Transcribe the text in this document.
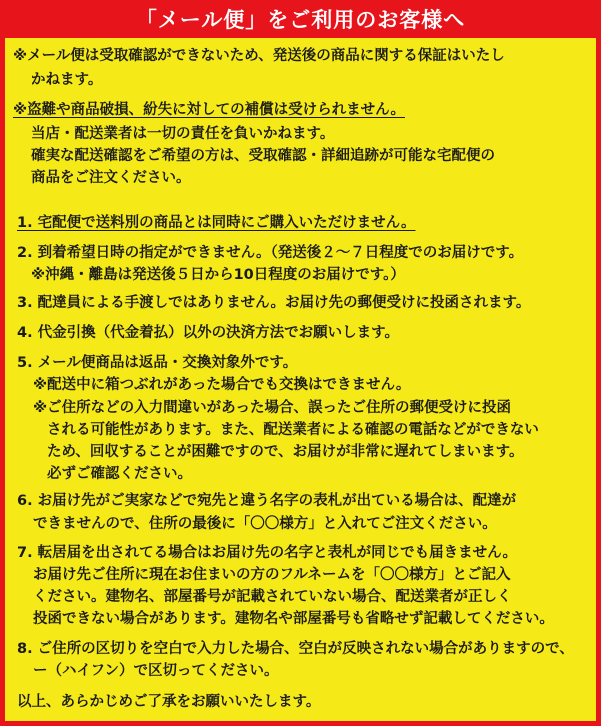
「メール便」をご利用のお客様へ
※メール便は受取確認ができないため、発送後の商品に関する保証はいたし
かねます。
※盗難や商品破損、紛失に対しての補償は受けられません。
当店・配送業者は一切の責任を負いかねます。
確実な配送確認をご希望の方は、受取確認・詳細追跡が可能な宅配便の
商品をご注文ください。
1. 宅配便で送料別の商品とは同時にご購入いただけません。
2. 到着希望日時の指定ができません。（発送後２～７日程度でのお届けです。
※沖縄・離島は発送後５日から10日程度のお届けです。）
3. 配達員による手渡しではありません。お届け先の郵便受けに投函されます。
4. 代金引換（代金着払）以外の決済方法でお願いします。
5. メール便商品は返品・交換対象外です。
※配送中に箱つぶれがあった場合でも交換はできません。
※ご住所などの入力間違いがあった場合、誤ったご住所の郵便受けに投函
される可能性があります。また、配送業者による確認の電話などができない
ため、回収することが困難ですので、お届けが非常に遅れてしまいます。
必ずご確認ください。
6. お届け先がご実家などで宛先と違う名字の表札が出ている場合は、配達が
できませんので、住所の最後に「〇〇様方」と入れてご注文ください。
7. 転居届を出されてる場合はお届け先の名字と表札が同じでも届きません。
お届け先ご住所に現在お住まいの方のフルネームを「〇〇様方」とご記入
ください。建物名、部屋番号が記載されていない場合、配送業者が正しく
投函できない場合があります。建物名や部屋番号も省略せず記載してください。
8. ご住所の区切りを空白で入力した場合、空白が反映されない場合がありますので、
ー（ハイフン）で区切ってください。
以上、あらかじめご了承をお願いいたします。
